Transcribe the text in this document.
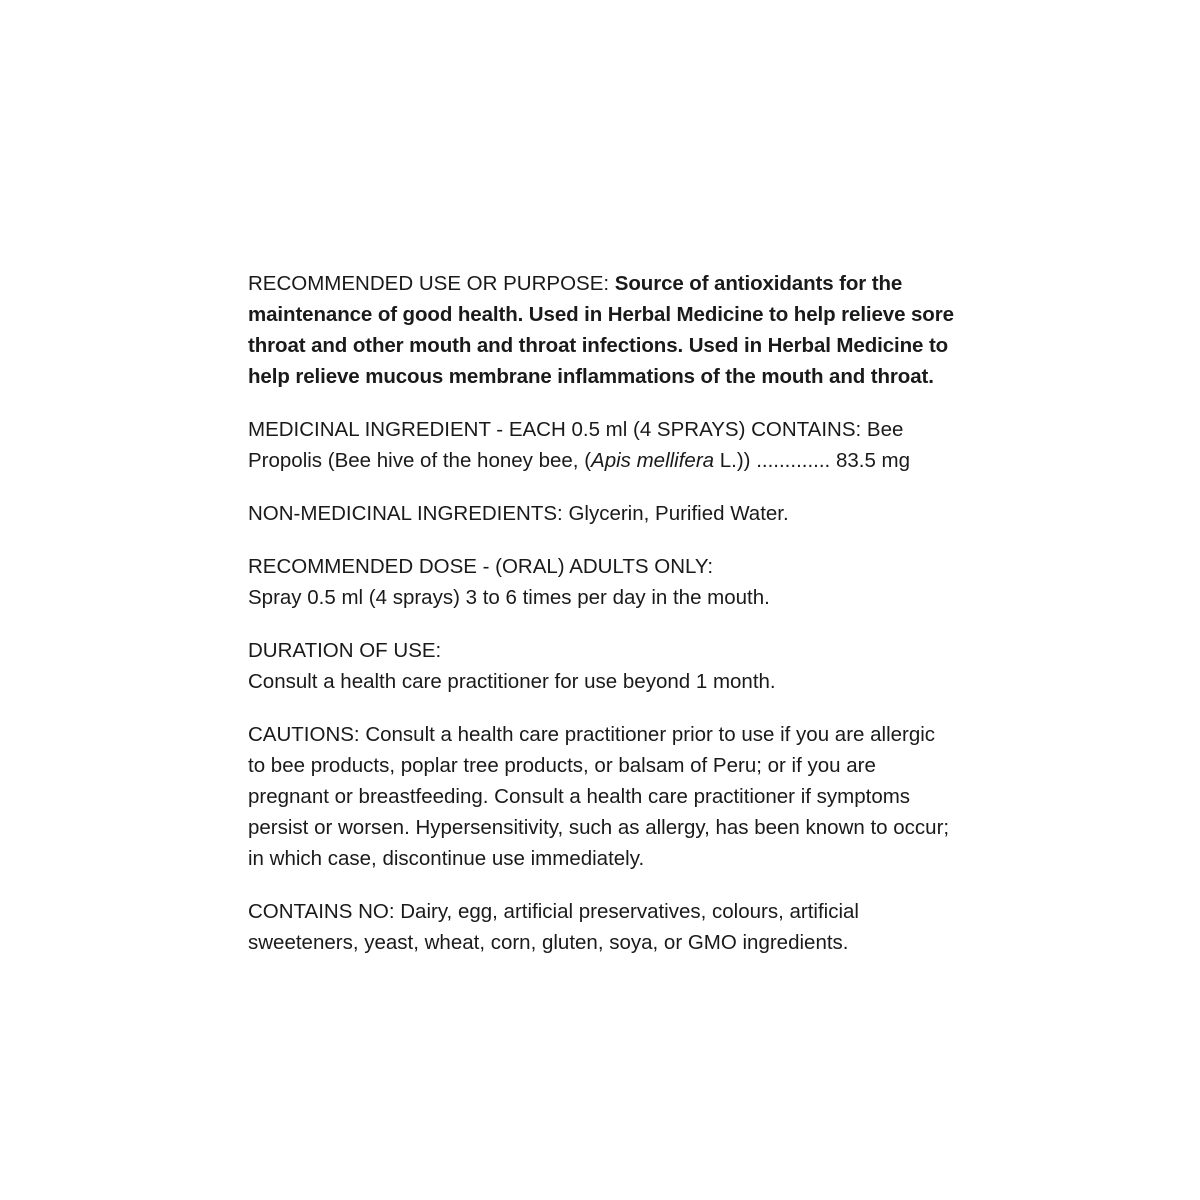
RECOMMENDED USE OR PURPOSE: Source of antioxidants for the maintenance of good health. Used in Herbal Medicine to help relieve sore throat and other mouth and throat infections. Used in Herbal Medicine to help relieve mucous membrane inflammations of the mouth and throat.

MEDICINAL INGREDIENT - EACH 0.5 ml (4 SPRAYS) CONTAINS: Bee Propolis (Bee hive of the honey bee, (Apis mellifera L.)) ............. 83.5 mg

NON-MEDICINAL INGREDIENTS: Glycerin, Purified Water.

RECOMMENDED DOSE - (ORAL) ADULTS ONLY:
Spray 0.5 ml (4 sprays) 3 to 6 times per day in the mouth.

DURATION OF USE:
Consult a health care practitioner for use beyond 1 month.

CAUTIONS: Consult a health care practitioner prior to use if you are allergic to bee products, poplar tree products, or balsam of Peru; or if you are pregnant or breastfeeding. Consult a health care practitioner if symptoms persist or worsen. Hypersensitivity, such as allergy, has been known to occur; in which case, discontinue use immediately.

CONTAINS NO: Dairy, egg, artificial preservatives, colours, artificial sweeteners, yeast, wheat, corn, gluten, soya, or GMO ingredients.
